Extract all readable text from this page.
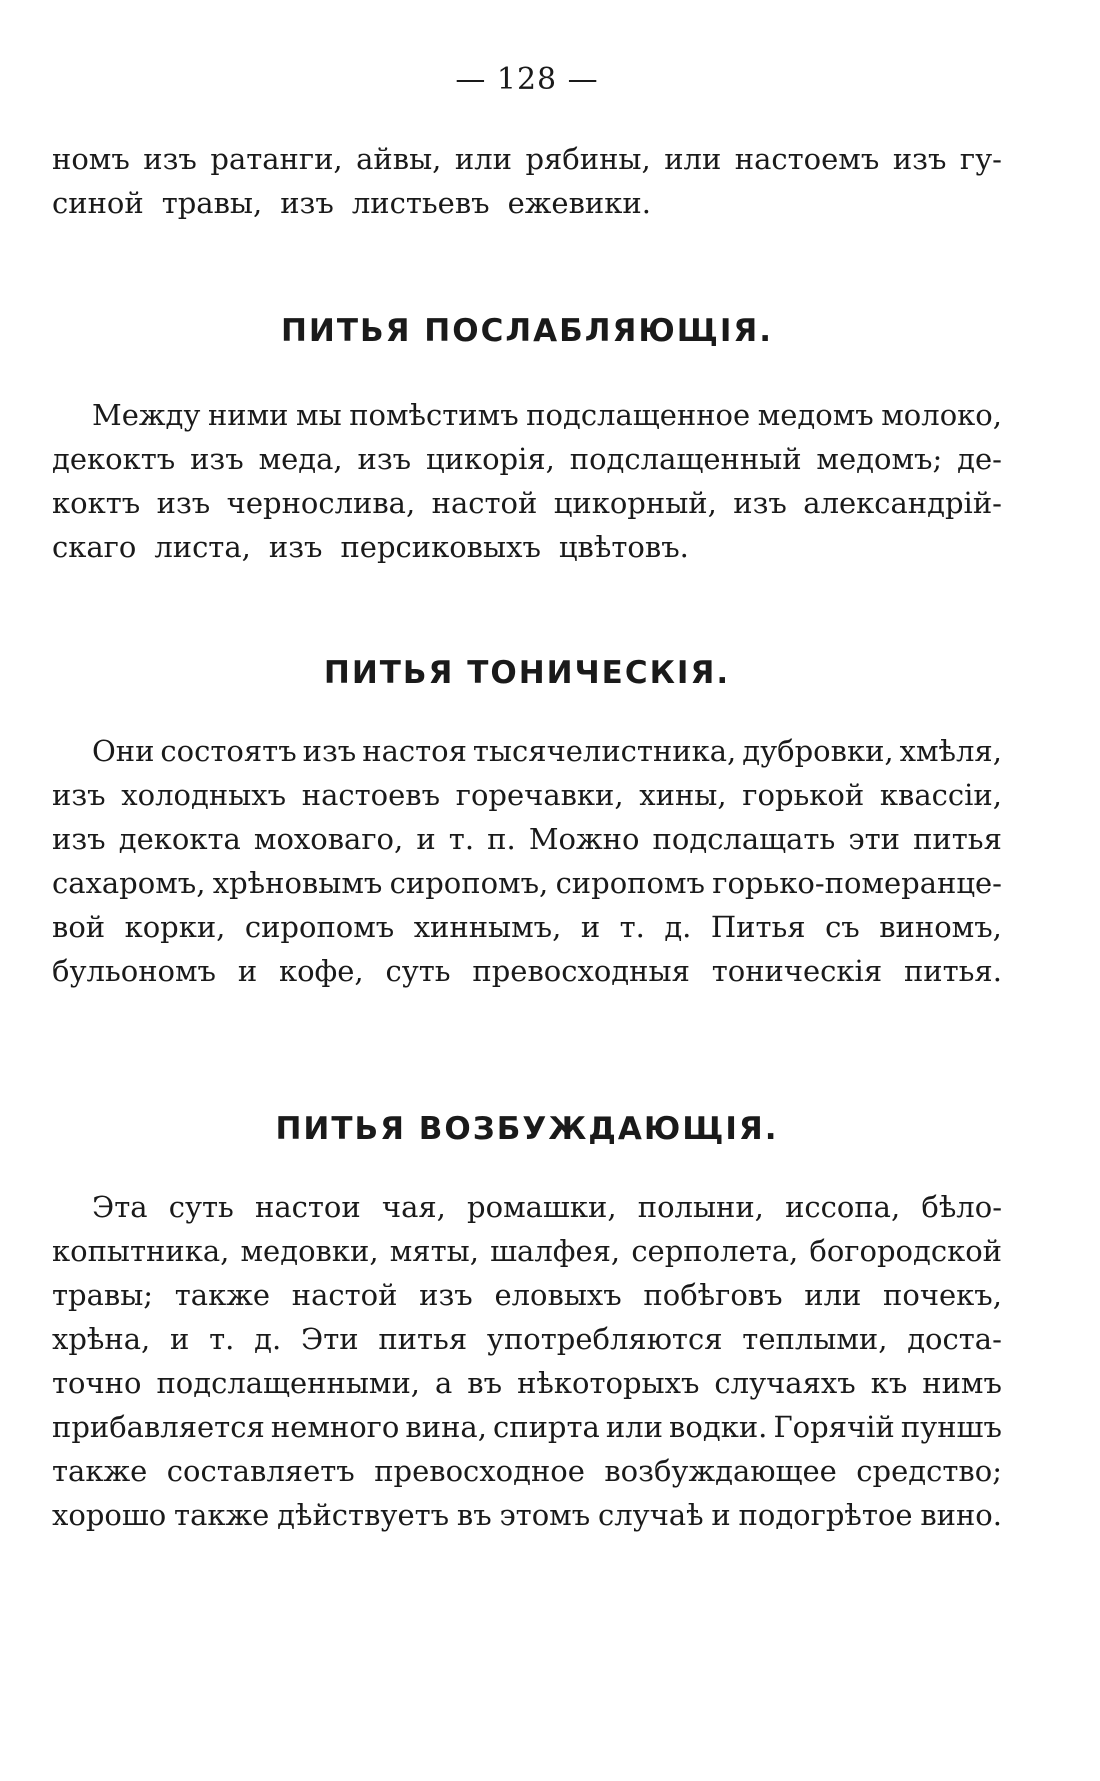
— 128 —
номъ изъ ратанги, айвы, или рябины, или настоемъ изъ гу-
синой травы, изъ листьевъ ежевики.
ПИТЬЯ ПОСЛАБЛЯЮЩІЯ.
Между ними мы помѣстимъ подслащенное медомъ молоко,
декоктъ изъ меда, изъ цикорія, подслащенный медомъ; де-
коктъ изъ чернослива, настой цикорный, изъ александрій-
скаго листа, изъ персиковыхъ цвѣтовъ.
ПИТЬЯ ТОНИЧЕСКІЯ.
Они состоятъ изъ настоя тысячелистника, дубровки, хмѣля,
изъ холодныхъ настоевъ горечавки, хины, горькой квассіи,
изъ декокта моховаго, и т. п. Можно подслащать эти питья
сахаромъ, хрѣновымъ сиропомъ, сиропомъ горько-померанце-
вой корки, сиропомъ хиннымъ, и т. д. Питья съ виномъ,
бульономъ и кофе, суть превосходныя тоническія питья.
ПИТЬЯ ВОЗБУЖДАЮЩІЯ.
Эта суть настои чая, ромашки, полыни, иссопа, бѣло-
копытника, медовки, мяты, шалфея, серполета, богородской
травы; также настой изъ еловыхъ побѣговъ или почекъ,
хрѣна, и т. д. Эти питья употребляются теплыми, доста-
точно подслащенными, а въ нѣкоторыхъ случаяхъ къ нимъ
прибавляется немного вина, спирта или водки. Горячій пуншъ
также составляетъ превосходное возбуждающее средство;
хорошо также дѣйствуетъ въ этомъ случаѣ и подогрѣтое вино.
